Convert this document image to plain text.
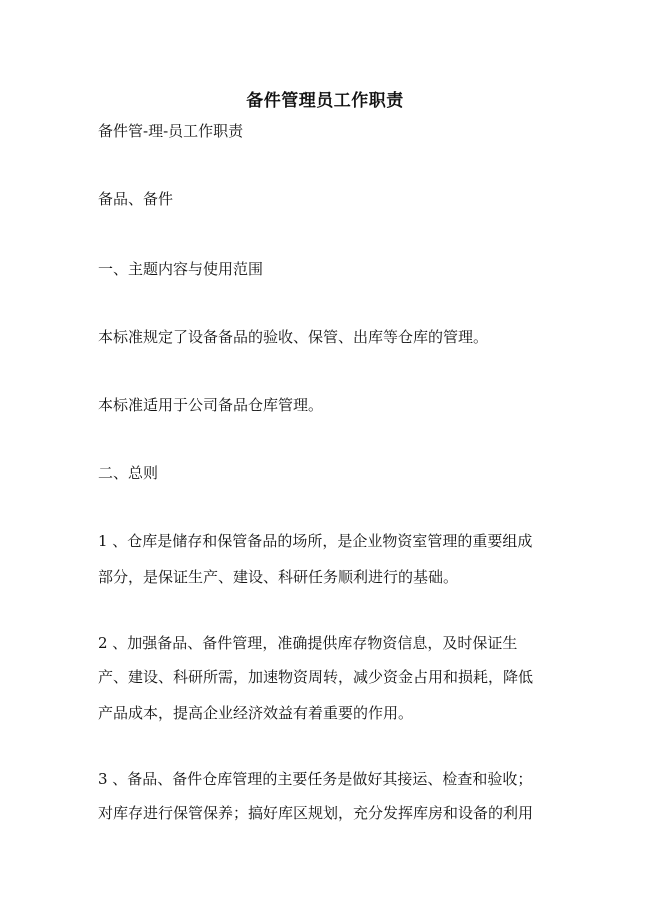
备件管理员工作职责
备件管-理-员工作职责
备品、备件
一、主题内容与使用范围
本标准规定了设备备品的验收、保管、出库等仓库的管理。
本标准适用于公司备品仓库管理。
二、总则
1 、仓库是储存和保管备品的场所，是企业物资室管理的重要组成
部分，是保证生产、建设、科研任务顺利进行的基础。
2 、加强备品、备件管理，准确提供库存物资信息，及时保证生
产、建设、科研所需，加速物资周转，减少资金占用和损耗，降低
产品成本，提高企业经济效益有着重要的作用。
3 、备品、备件仓库管理的主要任务是做好其接运、检查和验收；
对库存进行保管保养；搞好库区规划，充分发挥库房和设备的利用
